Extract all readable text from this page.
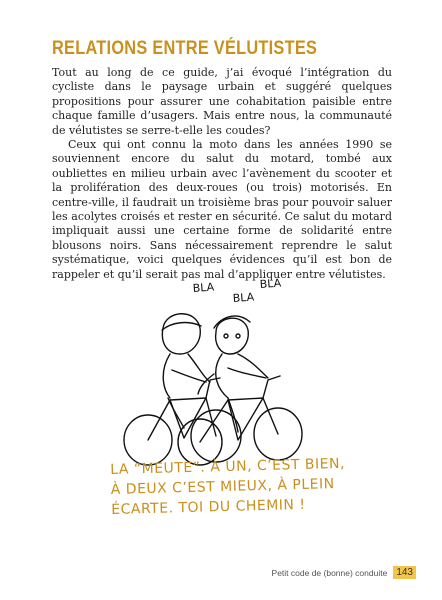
RELATIONS ENTRE VÉLUTISTES

Tout au long de ce guide, j’ai évoqué l’intégration du cycliste dans le paysage urbain et suggéré quelques propositions pour assurer une cohabitation paisible entre chaque famille d’usagers. Mais entre nous, la communauté de vélutistes se serre-t-elle les coudes?

Ceux qui ont connu la moto dans les années 1990 se souviennent encore du salut du motard, tombé aux oubliettes en milieu urbain avec l’avènement du scooter et la prolifération des deux-roues (ou trois) motorisés. En centre-ville, il faudrait un troisième bras pour pouvoir saluer les acolytes croisés et rester en sécurité. Ce salut du motard impliquait aussi une certaine forme de solidarité entre blousons noirs. Sans nécessairement reprendre le salut systématique, voici quelques évidences qu’il est bon de rappeler et qu’il serait pas mal d’appliquer entre vélutistes.

BLA
BLA
BLA
LA “MEUTE”. À UN, C’EST BIEN,
À DEUX C’EST MIEUX, À PLEIN
ÉCARTE. TOI DU CHEMIN !
Petit code de (bonne) conduite 143
